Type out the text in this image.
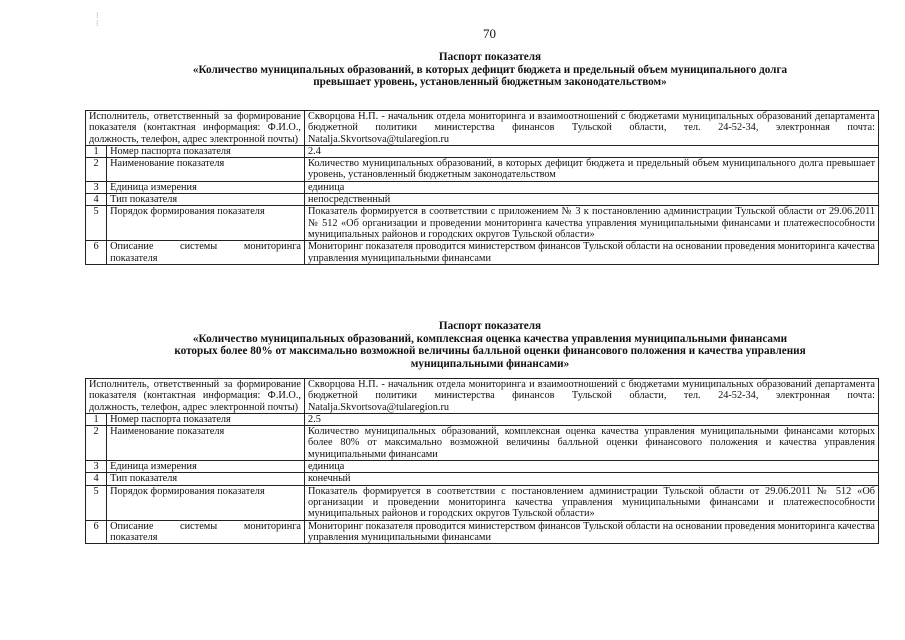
⁝
⁝
70
Паспорт показателя
«Количество муниципальных образований, в которых дефицит бюджета и предельный объем муниципального долга
превышает уровень, установленный бюджетным законодательством»
Исполнитель, ответственный за формирование показателя (контактная информация: Ф.И.О., должность, телефон, адрес электронной почты)		Скворцова Н.П. - начальник отдела мониторинга и взаимоотношений с бюджетами муниципальных образований департамента бюджетной политики министерства финансов Тульской области, тел. 24-52-34, электронная почта: Natalja.Skvortsova@tularegion.ru
1	Номер паспорта показателя	2.4
2	Наименование показателя	Количество муниципальных образований, в которых дефицит бюджета и предельный объем муниципального долга превышает уровень, установленный бюджетным законодательством
3	Единица измерения	единица
4	Тип показателя	непосредственный
5	Порядок формирования показателя	Показатель формируется в соответствии с приложением № 3 к постановлению администрации Тульской области от 29.06.2011 № 512 «Об организации и проведении мониторинга качества управления муниципальными финансами и платежеспособности муниципальных районов и городских округов Тульской области»
6	Описание системы мониторинга показателя	Мониторинг показателя проводится министерством финансов Тульской области на основании проведения мониторинга качества управления муниципальными финансами
Паспорт показателя
«Количество муниципальных образований, комплексная оценка качества управления муниципальными финансами
которых более 80% от максимально возможной величины балльной оценки финансового положения и качества управления
муниципальными финансами»
Исполнитель, ответственный за формирование показателя (контактная информация: Ф.И.О., должность, телефон, адрес электронной почты)		Скворцова Н.П. - начальник отдела мониторинга и взаимоотношений с бюджетами муниципальных образований департамента бюджетной политики министерства финансов Тульской области, тел. 24-52-34, электронная почта: Natalja.Skvortsova@tularegion.ru
1	Номер паспорта показателя	2.5
2	Наименование показателя	Количество муниципальных образований, комплексная оценка качества управления муниципальными финансами которых более 80% от максимально возможной величины балльной оценки финансового положения и качества управления муниципальными финансами
3	Единица измерения	единица
4	Тип показателя	конечный
5	Порядок формирования показателя	Показатель формируется в соответствии с постановлением администрации Тульской области от 29.06.2011 № 512 «Об организации и проведении мониторинга качества управления муниципальными финансами и платежеспособности муниципальных районов и городских округов Тульской области»
6	Описание системы мониторинга показателя	Мониторинг показателя проводится министерством финансов Тульской области на основании проведения мониторинга качества управления муниципальными финансами
